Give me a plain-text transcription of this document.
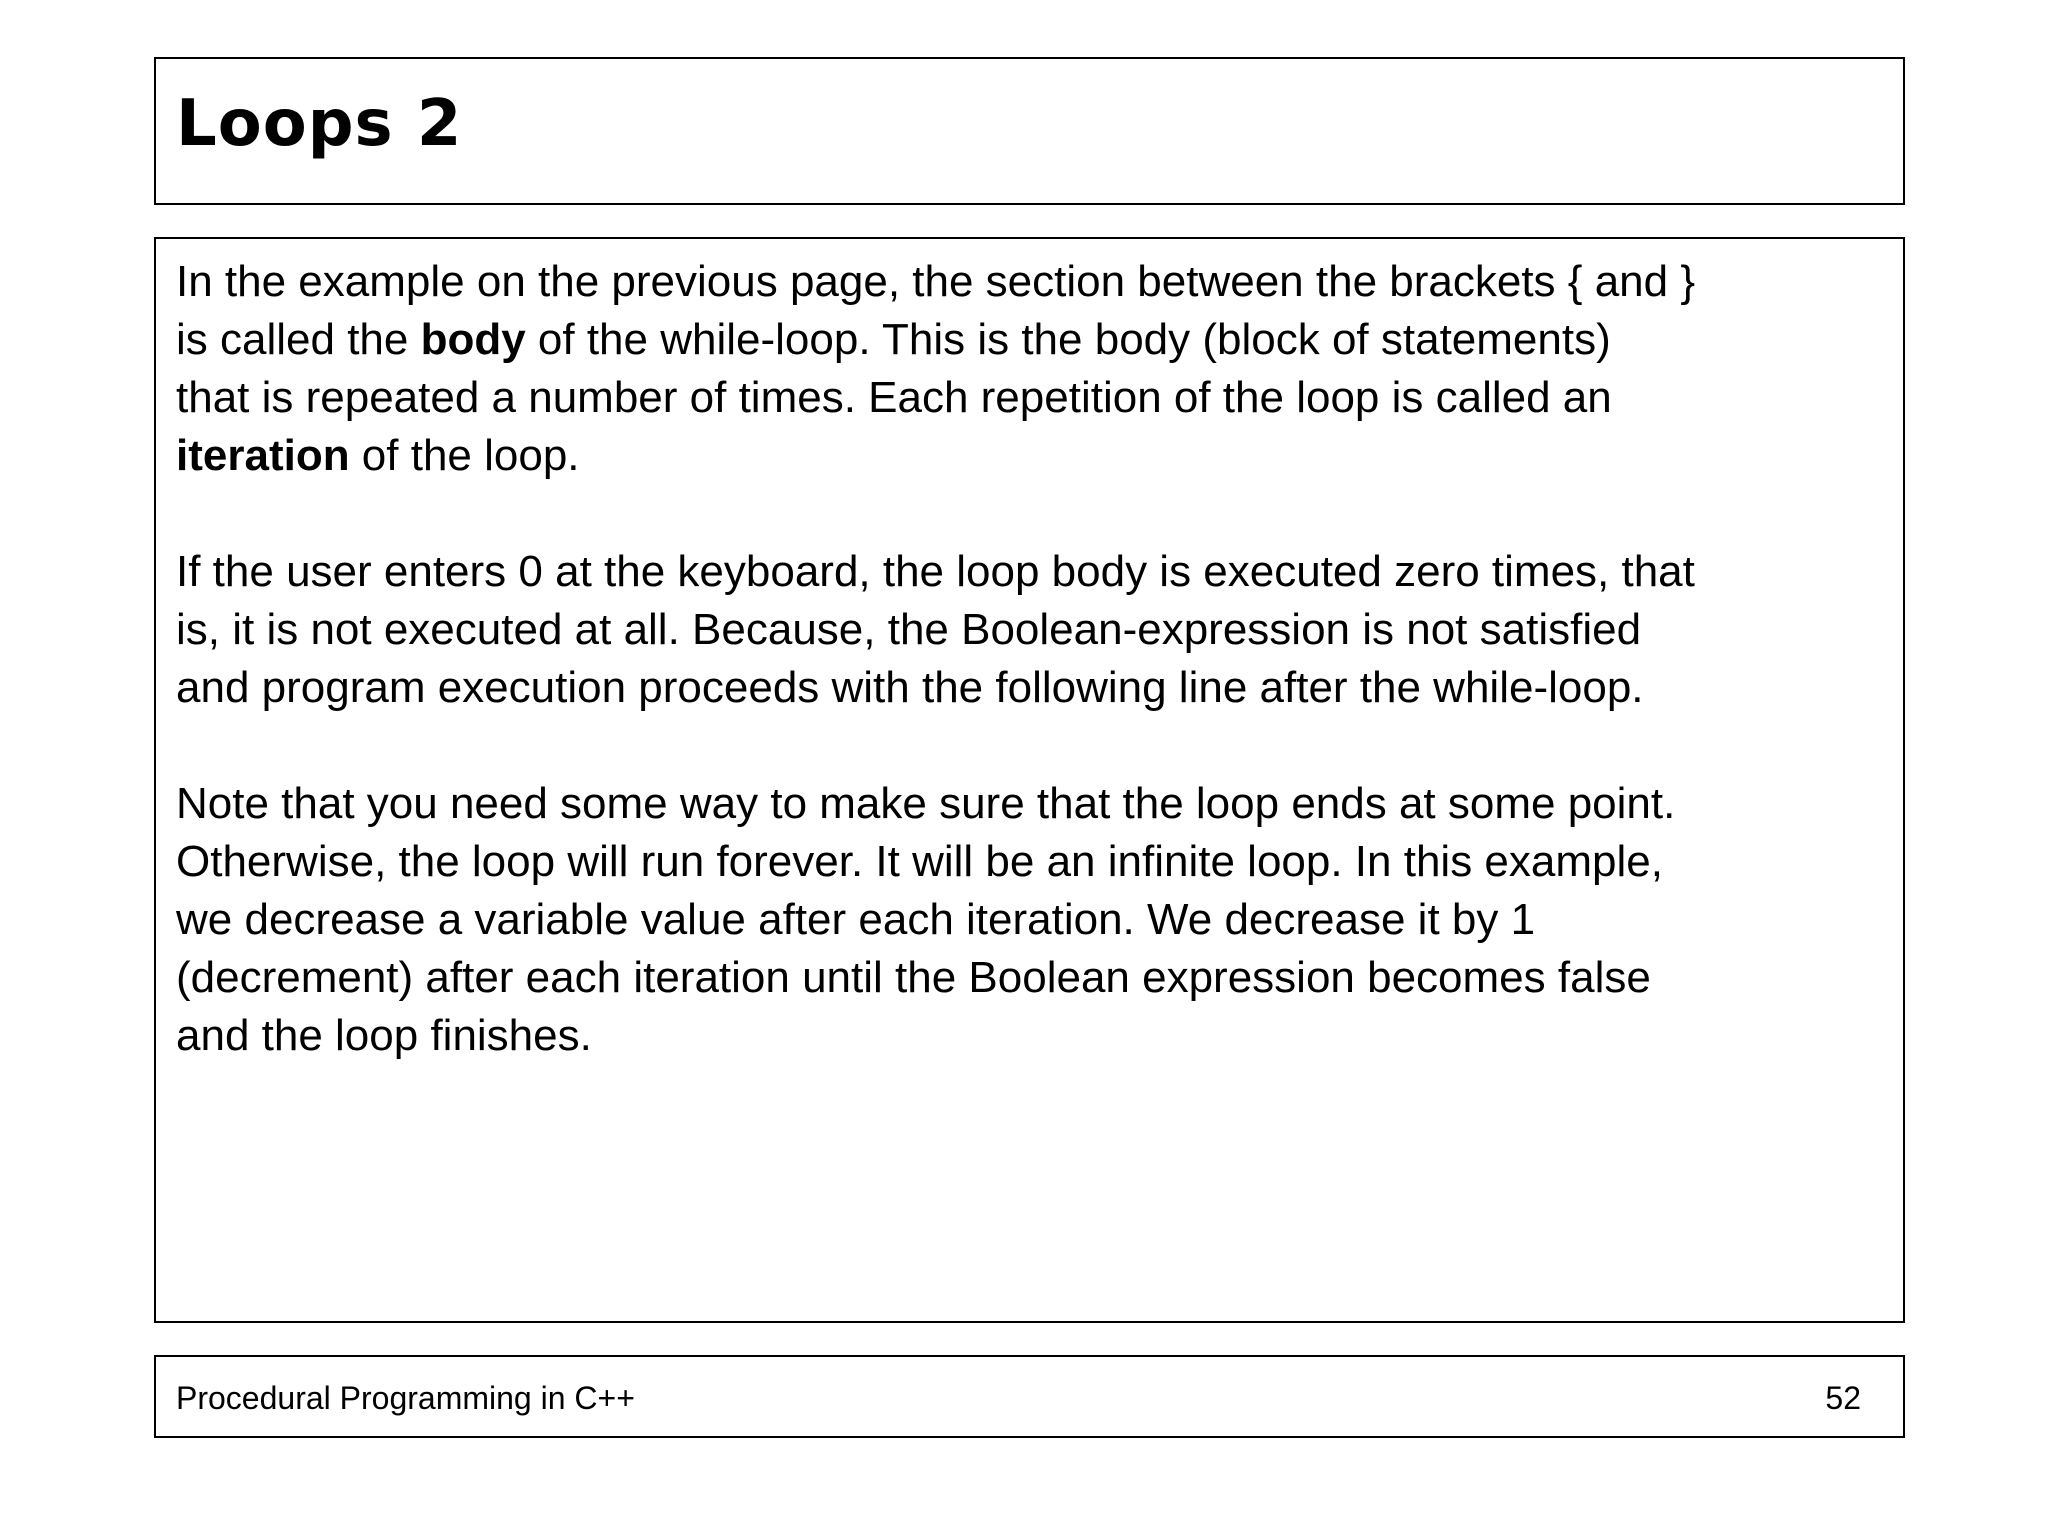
Loops 2

In the example on the previous page, the section between the brackets { and }
is called the body of the while-loop. This is the body (block of statements)
that is repeated a number of times. Each repetition of the loop is called an
iteration of the loop.

If the user enters 0 at the keyboard, the loop body is executed zero times, that
is, it is not executed at all. Because, the Boolean-expression is not satisfied
and program execution proceeds with the following line after the while-loop.

Note that you need some way to make sure that the loop ends at some point.
Otherwise, the loop will run forever. It will be an infinite loop. In this example,
we decrease a variable value after each iteration. We decrease it by 1
(decrement) after each iteration until the Boolean expression becomes false
and the loop finishes.

Procedural Programming in C++	52
